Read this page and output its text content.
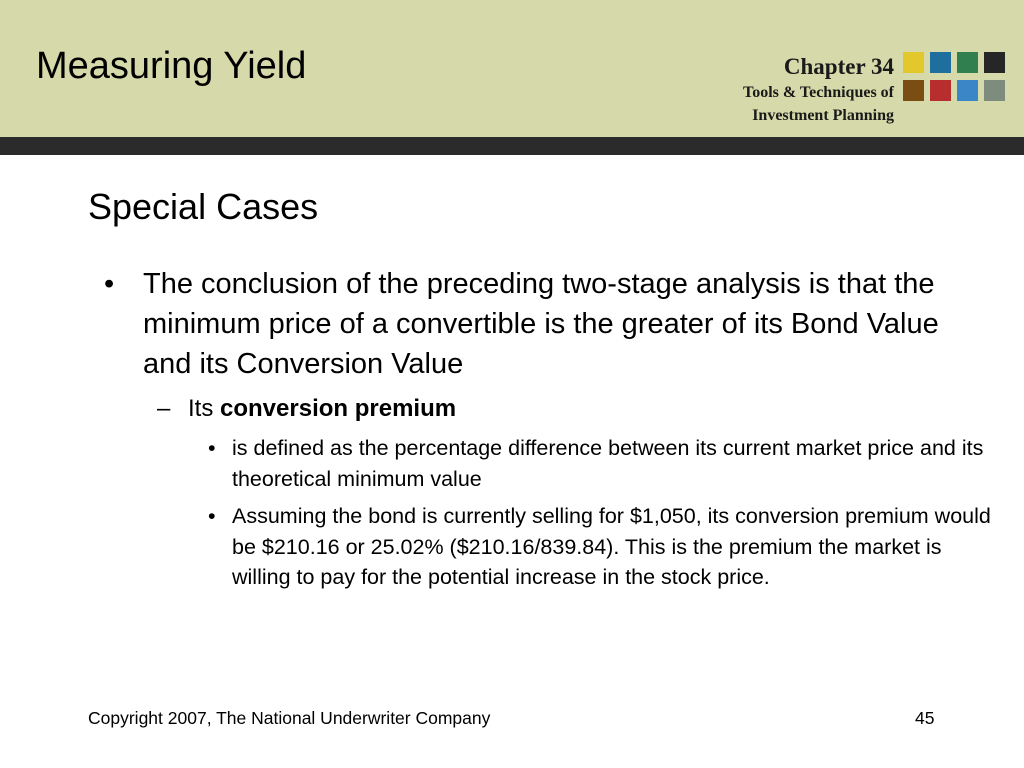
Measuring Yield	Chapter 34
Tools & Techniques of
Investment Planning
Special Cases
• The conclusion of the preceding two-stage analysis is that the minimum price of a convertible is the greater of its Bond Value and its Conversion Value
– Its conversion premium
• is defined as the percentage difference between its current market price and its theoretical minimum value
• Assuming the bond is currently selling for $1,050, its conversion premium would be $210.16 or 25.02% ($210.16/839.84). This is the premium the market is willing to pay for the potential increase in the stock price.
Copyright 2007, The National Underwriter Company	45
